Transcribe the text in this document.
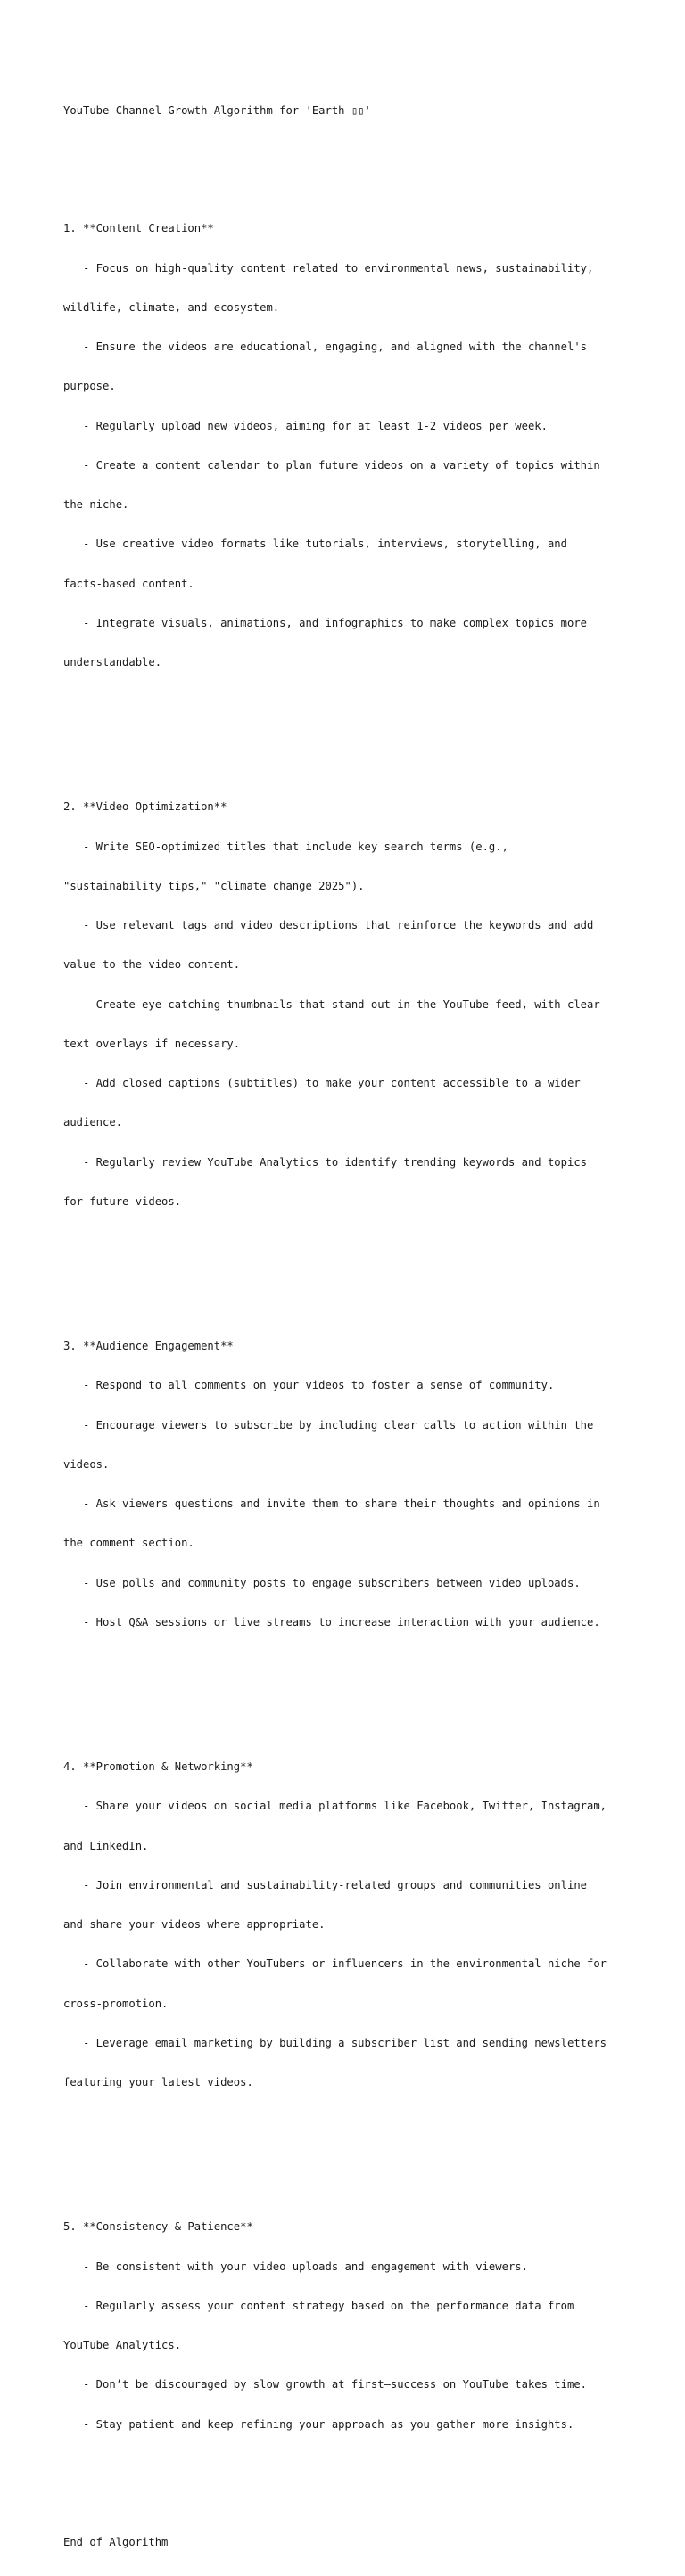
YouTube Channel Growth Algorithm for 'Earth ▯▯'

1. **Content Creation**

- Focus on high-quality content related to environmental news, sustainability,

wildlife, climate, and ecosystem.

- Ensure the videos are educational, engaging, and aligned with the channel's

purpose.

- Regularly upload new videos, aiming for at least 1-2 videos per week.

- Create a content calendar to plan future videos on a variety of topics within

the niche.

- Use creative video formats like tutorials, interviews, storytelling, and

facts-based content.

- Integrate visuals, animations, and infographics to make complex topics more

understandable.

2. **Video Optimization**

- Write SEO-optimized titles that include key search terms (e.g.,

"sustainability tips," "climate change 2025").

- Use relevant tags and video descriptions that reinforce the keywords and add

value to the video content.

- Create eye-catching thumbnails that stand out in the YouTube feed, with clear

text overlays if necessary.

- Add closed captions (subtitles) to make your content accessible to a wider

audience.

- Regularly review YouTube Analytics to identify trending keywords and topics

for future videos.

3. **Audience Engagement**

- Respond to all comments on your videos to foster a sense of community.

- Encourage viewers to subscribe by including clear calls to action within the

videos.

- Ask viewers questions and invite them to share their thoughts and opinions in

the comment section.

- Use polls and community posts to engage subscribers between video uploads.

- Host Q&A sessions or live streams to increase interaction with your audience.

4. **Promotion & Networking**

- Share your videos on social media platforms like Facebook, Twitter, Instagram,

and LinkedIn.

- Join environmental and sustainability-related groups and communities online

and share your videos where appropriate.

- Collaborate with other YouTubers or influencers in the environmental niche for

cross-promotion.

- Leverage email marketing by building a subscriber list and sending newsletters

featuring your latest videos.

5. **Consistency & Patience**

- Be consistent with your video uploads and engagement with viewers.

- Regularly assess your content strategy based on the performance data from

YouTube Analytics.

- Don’t be discouraged by slow growth at first—success on YouTube takes time.

- Stay patient and keep refining your approach as you gather more insights.

End of Algorithm
